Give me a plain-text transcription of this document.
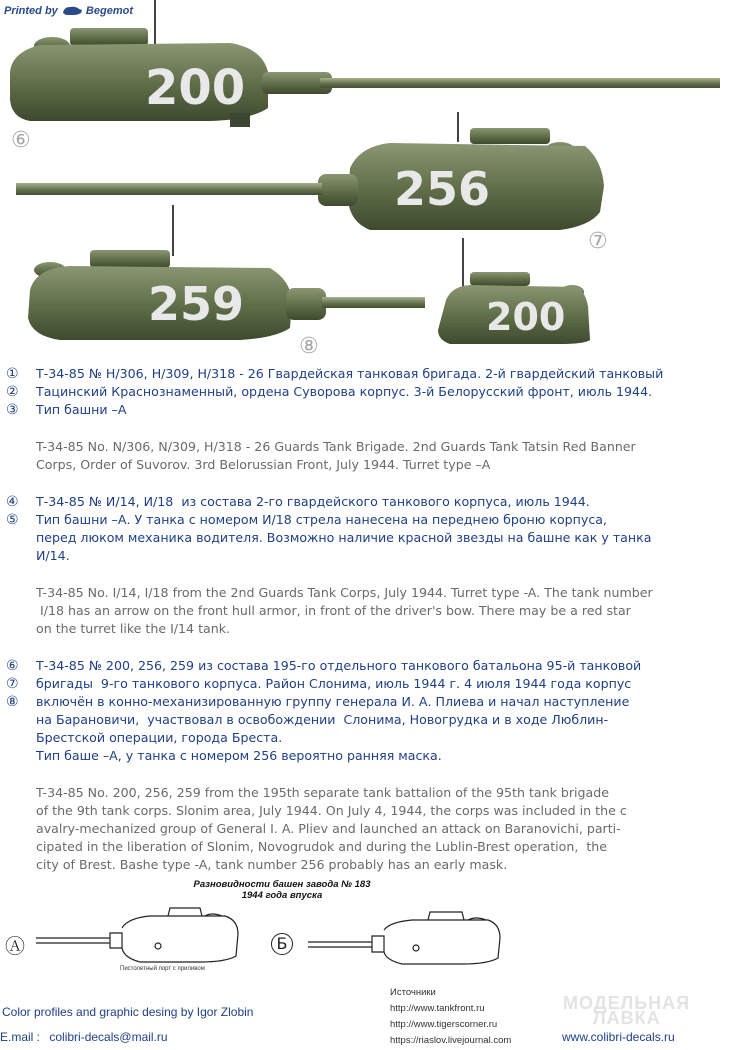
Printed by	Begemot
200
256
259	200
⑥
⑦
⑧
①
②
③
Т-34-85 № Н/306, Н/309, Н/318 - 26 Гвардейская танковая бригада. 2-й гвардейский танковый
Тацинский Краснознаменный, ордена Суворова корпус. 3-й Белорусский фронт, июль 1944.
Тип башни –А
T-34-85 No. N/306, N/309, H/318 - 26 Guards Tank Brigade. 2nd Guards Tank Tatsin Red Banner
Corps, Order of Suvorov. 3rd Belorussian Front, July 1944. Turret type –A
④
⑤
Т-34-85 № И/14, И/18  из состава 2-го гвардейского танкового корпуса, июль 1944.
Тип башни –А. У танка с номером И/18 стрела нанесена на переднею броню корпуса,
перед люком механика водителя. Возможно наличие красной звезды на башне как у танка
И/14.
T-34-85 No. I/14, I/18 from the 2nd Guards Tank Corps, July 1944. Turret type -A. The tank number
I/18 has an arrow on the front hull armor, in front of the driver's bow. There may be a red star
on the turret like the I/14 tank.
⑥
⑦
⑧
Т-34-85 № 200, 256, 259 из состава 195-го отдельного танкового батальона 95-й танковой
бригады  9-го танкового корпуса. Район Слонима, июль 1944 г. 4 июля 1944 года корпус
включён в конно-механизированную группу генерала И. А. Плиева и начал наступление
на Барановичи,  участвовал в освобождении  Слонима, Новогрудка и в ходе Люблин-
Брестской операции, города Бреста.
Тип баше –А, у танка с номером 256 вероятно ранняя маска.
T-34-85 No. 200, 256, 259 from the 195th separate tank battalion of the 95th tank brigade
of the 9th tank corps. Slonim area, July 1944. On July 4, 1944, the corps was included in the c
avalry-mechanized group of General I. A. Pliev and launched an attack on Baranovichi, parti-
cipated in the liberation of Slonim, Novogrudok and during the Lublin-Brest operation,  the
city of Brest. Bashe type -A, tank number 256 probably has an early mask.
Разновидности башен завода № 183
1944 года впуска
Ⓐ	Б
Пистолетный порт с приливом
Color profiles and graphic desing by Igor Zlobin
E.mail : colibri-decals@mail.ru
МОДЕЛЬНАЯ
ЛАВКА
Источники
http://www.tankfront.ru
http://www.tigerscorner.ru
https://riaslov.livejournal.com	www.colibri-decals.ru
